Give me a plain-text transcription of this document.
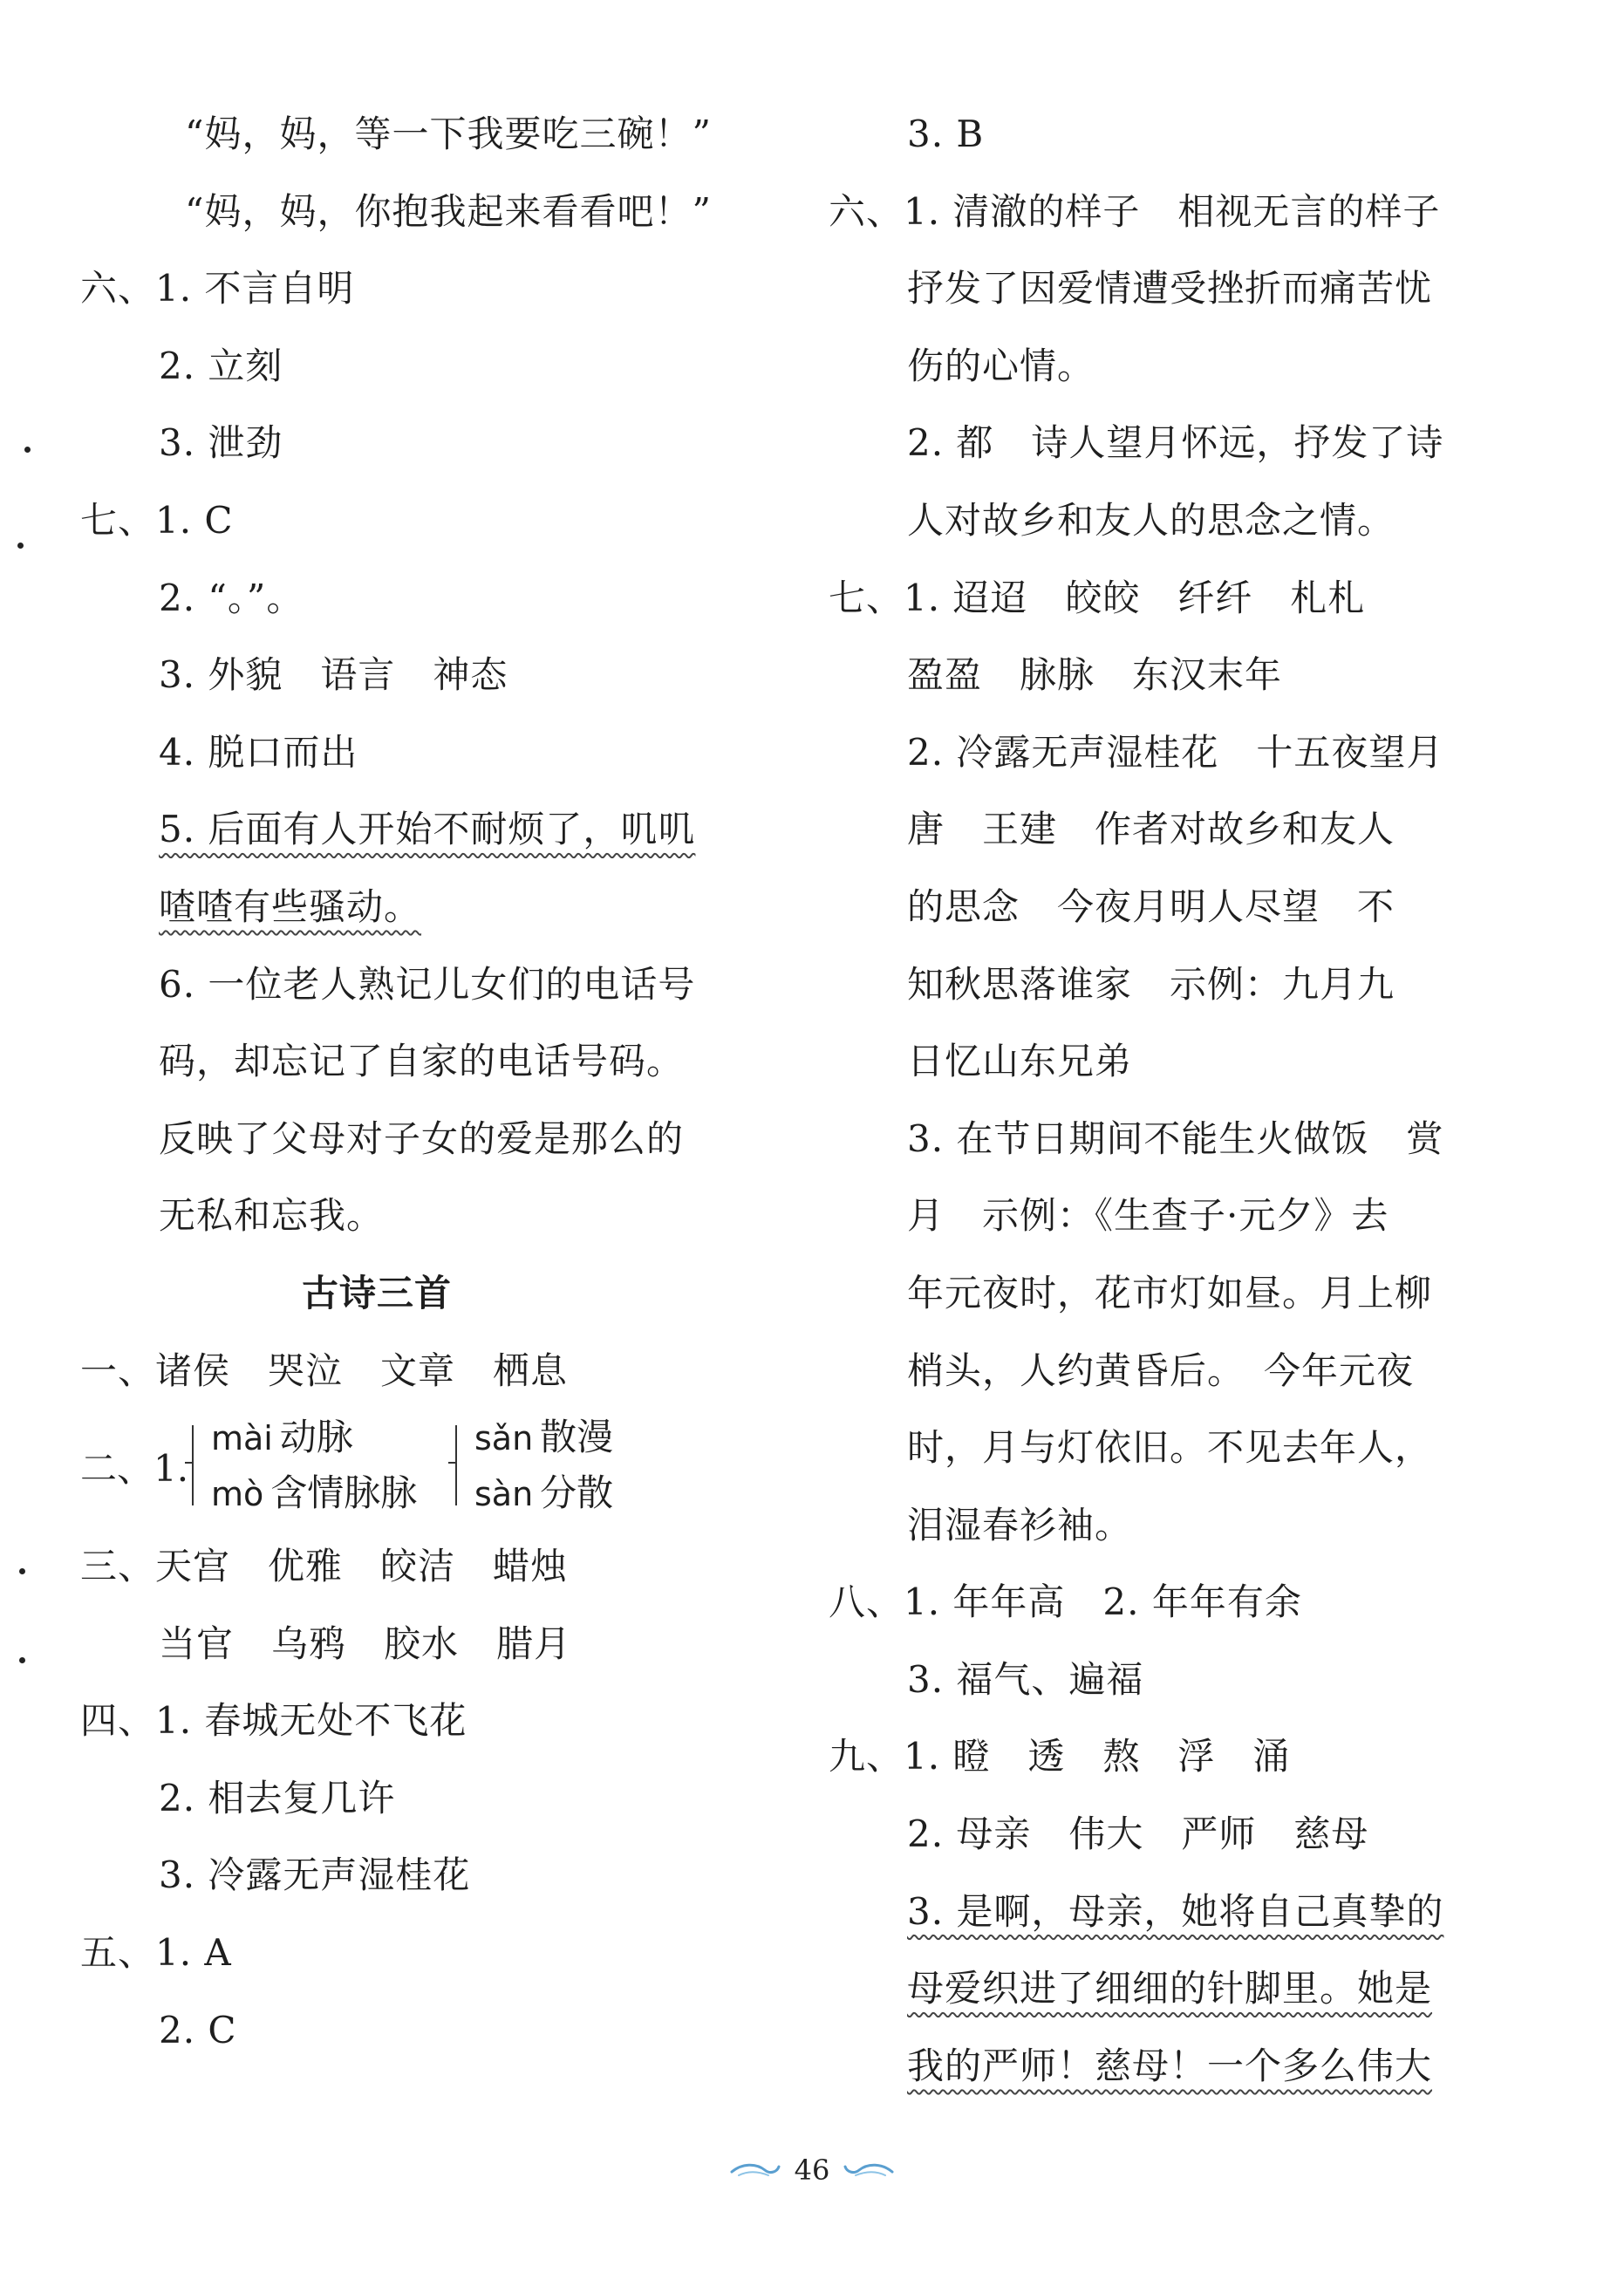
“妈，妈，等一下我要吃三碗！”
“妈，妈，你抱我起来看看吧！”
六、1. 不言自明
2. 立刻
3. 泄劲
七、1. C
2. “。”。
3. 外貌　语言　神态
4. 脱口而出
5. 后面有人开始不耐烦了，叽叽
喳喳有些骚动。
6. 一位老人熟记儿女们的电话号
码，却忘记了自家的电话号码。
反映了父母对子女的爱是那么的
无私和忘我。
古诗三首
一、诸侯　哭泣　文章　栖息
二、1.
mài 动脉
mò 含情脉脉
sǎn 散漫
sàn 分散
三、天宫　优雅　皎洁　蜡烛
当官　乌鸦　胶水　腊月
四、1. 春城无处不飞花
2. 相去复几许
3. 冷露无声湿桂花
五、1. A
2. C
3. B
六、1. 清澈的样子　相视无言的样子
抒发了因爱情遭受挫折而痛苦忧
伤的心情。
2. 都　诗人望月怀远，抒发了诗
人对故乡和友人的思念之情。
七、1. 迢迢　皎皎　纤纤　札札
盈盈　脉脉　东汉末年
2. 冷露无声湿桂花　十五夜望月
唐　王建　作者对故乡和友人
的思念　今夜月明人尽望　不
知秋思落谁家　示例：九月九
日忆山东兄弟
3. 在节日期间不能生火做饭　赏
月　示例：《生查子·元夕》去
年元夜时，花市灯如昼。月上柳
梢头，人约黄昏后。　今年元夜
时，月与灯依旧。不见去年人，
泪湿春衫袖。
八、1. 年年高　2. 年年有余
3. 福气、遍福
九、1. 瞪　透　熬　浮　涌
2. 母亲　伟大　严师　慈母
3. 是啊，母亲，她将自己真挚的
母爱织进了细细的针脚里。她是
我的严师！慈母！一个多么伟大
46
